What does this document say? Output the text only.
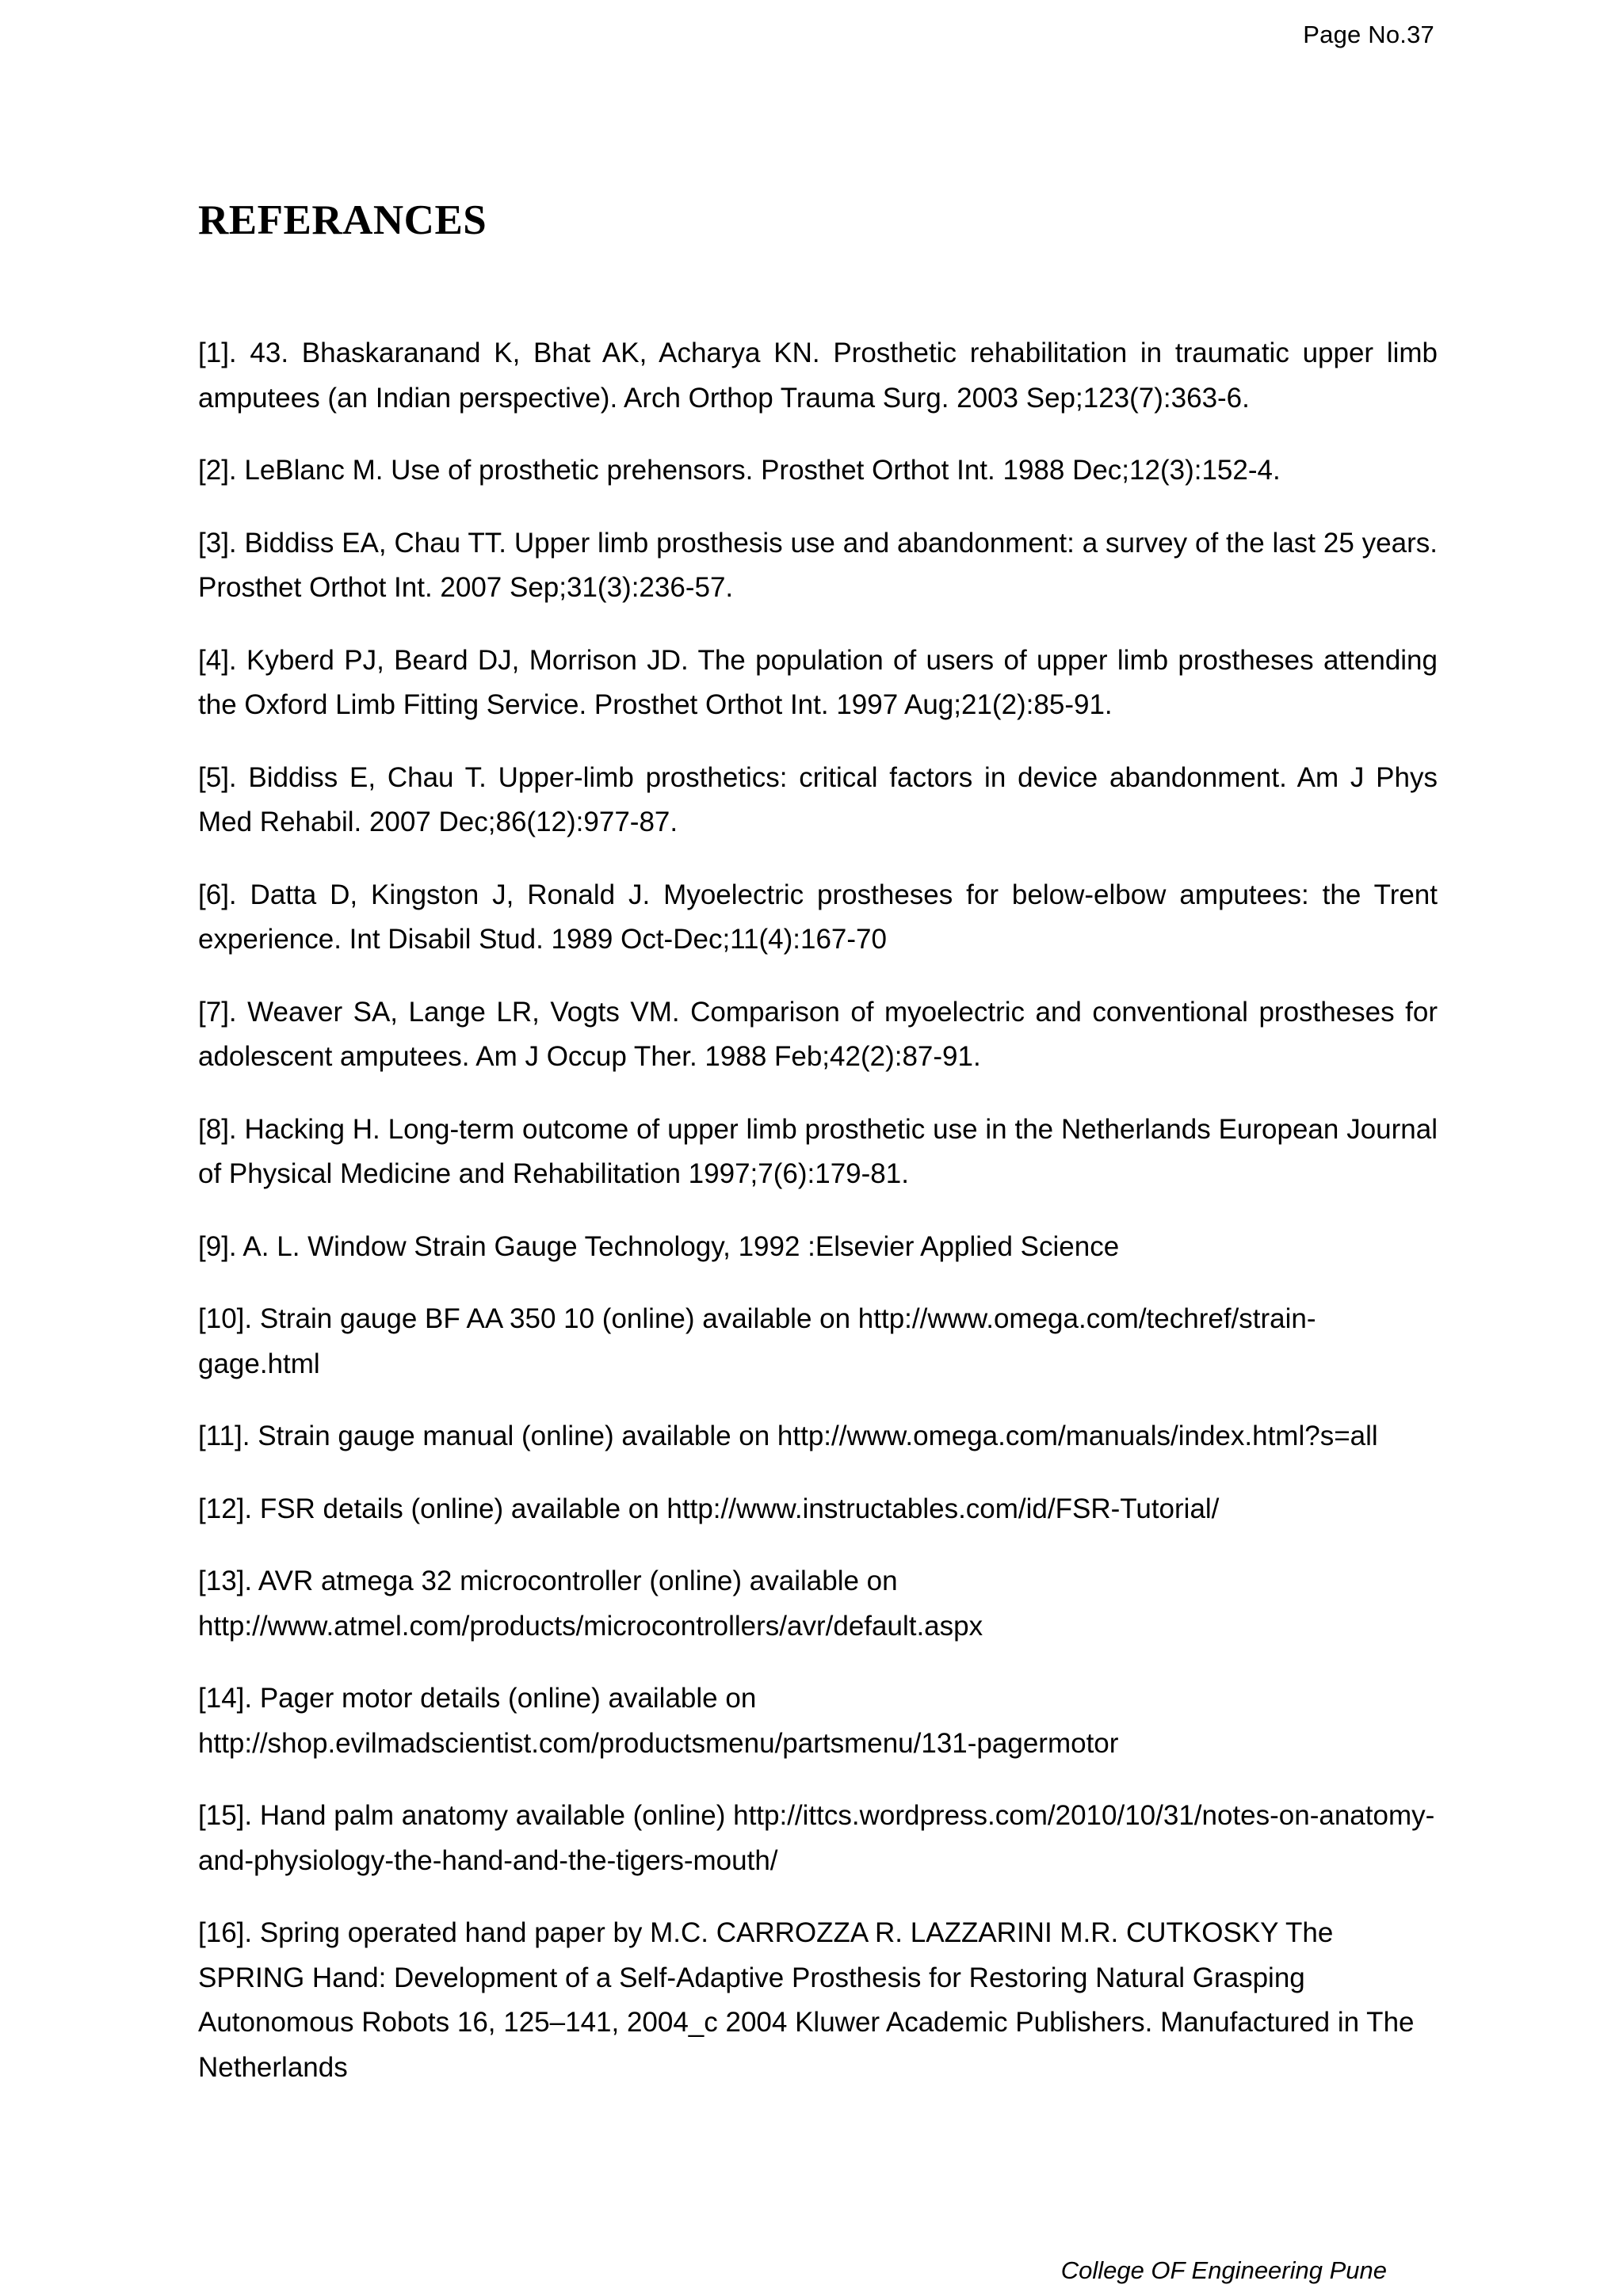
Page No.37
REFERANCES
[1]. 43. Bhaskaranand K, Bhat AK, Acharya KN. Prosthetic rehabilitation in traumatic upper limb amputees (an Indian perspective). Arch Orthop Trauma Surg. 2003 Sep;123(7):363-6.
[2]. LeBlanc M. Use of prosthetic prehensors. Prosthet Orthot Int. 1988 Dec;12(3):152-4.
[3]. Biddiss EA, Chau TT. Upper limb prosthesis use and abandonment: a survey of the last 25 years. Prosthet Orthot Int. 2007 Sep;31(3):236-57.
[4]. Kyberd PJ, Beard DJ, Morrison JD. The population of users of upper limb prostheses attending the Oxford Limb Fitting Service. Prosthet Orthot Int. 1997 Aug;21(2):85-91.
[5]. Biddiss E, Chau T. Upper-limb prosthetics: critical factors in device abandonment. Am J Phys Med Rehabil. 2007 Dec;86(12):977-87.
[6]. Datta D, Kingston J, Ronald J. Myoelectric prostheses for below-elbow amputees: the Trent experience. Int Disabil Stud. 1989 Oct-Dec;11(4):167-70
[7]. Weaver SA, Lange LR, Vogts VM. Comparison of myoelectric and conventional prostheses for adolescent amputees. Am J Occup Ther. 1988 Feb;42(2):87-91.
[8]. Hacking H. Long-term outcome of upper limb prosthetic use in the Netherlands European Journal of Physical Medicine and Rehabilitation 1997;7(6):179-81.
[9]. A. L. Window Strain Gauge Technology, 1992 :Elsevier Applied Science
[10]. Strain gauge BF AA 350 10 (online) available on http://www.omega.com/techref/strain-gage.html
[11]. Strain gauge manual (online) available on http://www.omega.com/manuals/index.html?s=all
[12]. FSR details (online) available on http://www.instructables.com/id/FSR-Tutorial/
[13]. AVR atmega 32 microcontroller (online) available on http://www.atmel.com/products/microcontrollers/avr/default.aspx
[14]. Pager motor details (online) available on http://shop.evilmadscientist.com/productsmenu/partsmenu/131-pagermotor
[15]. Hand palm anatomy available (online) http://ittcs.wordpress.com/2010/10/31/notes-on-anatomy-and-physiology-the-hand-and-the-tigers-mouth/
[16]. Spring operated hand paper by M.C. CARROZZA R. LAZZARINI M.R. CUTKOSKY The SPRING Hand: Development of a Self-Adaptive Prosthesis for Restoring Natural Grasping Autonomous Robots 16, 125–141, 2004_c 2004 Kluwer Academic Publishers. Manufactured in The Netherlands
College OF Engineering Pune
